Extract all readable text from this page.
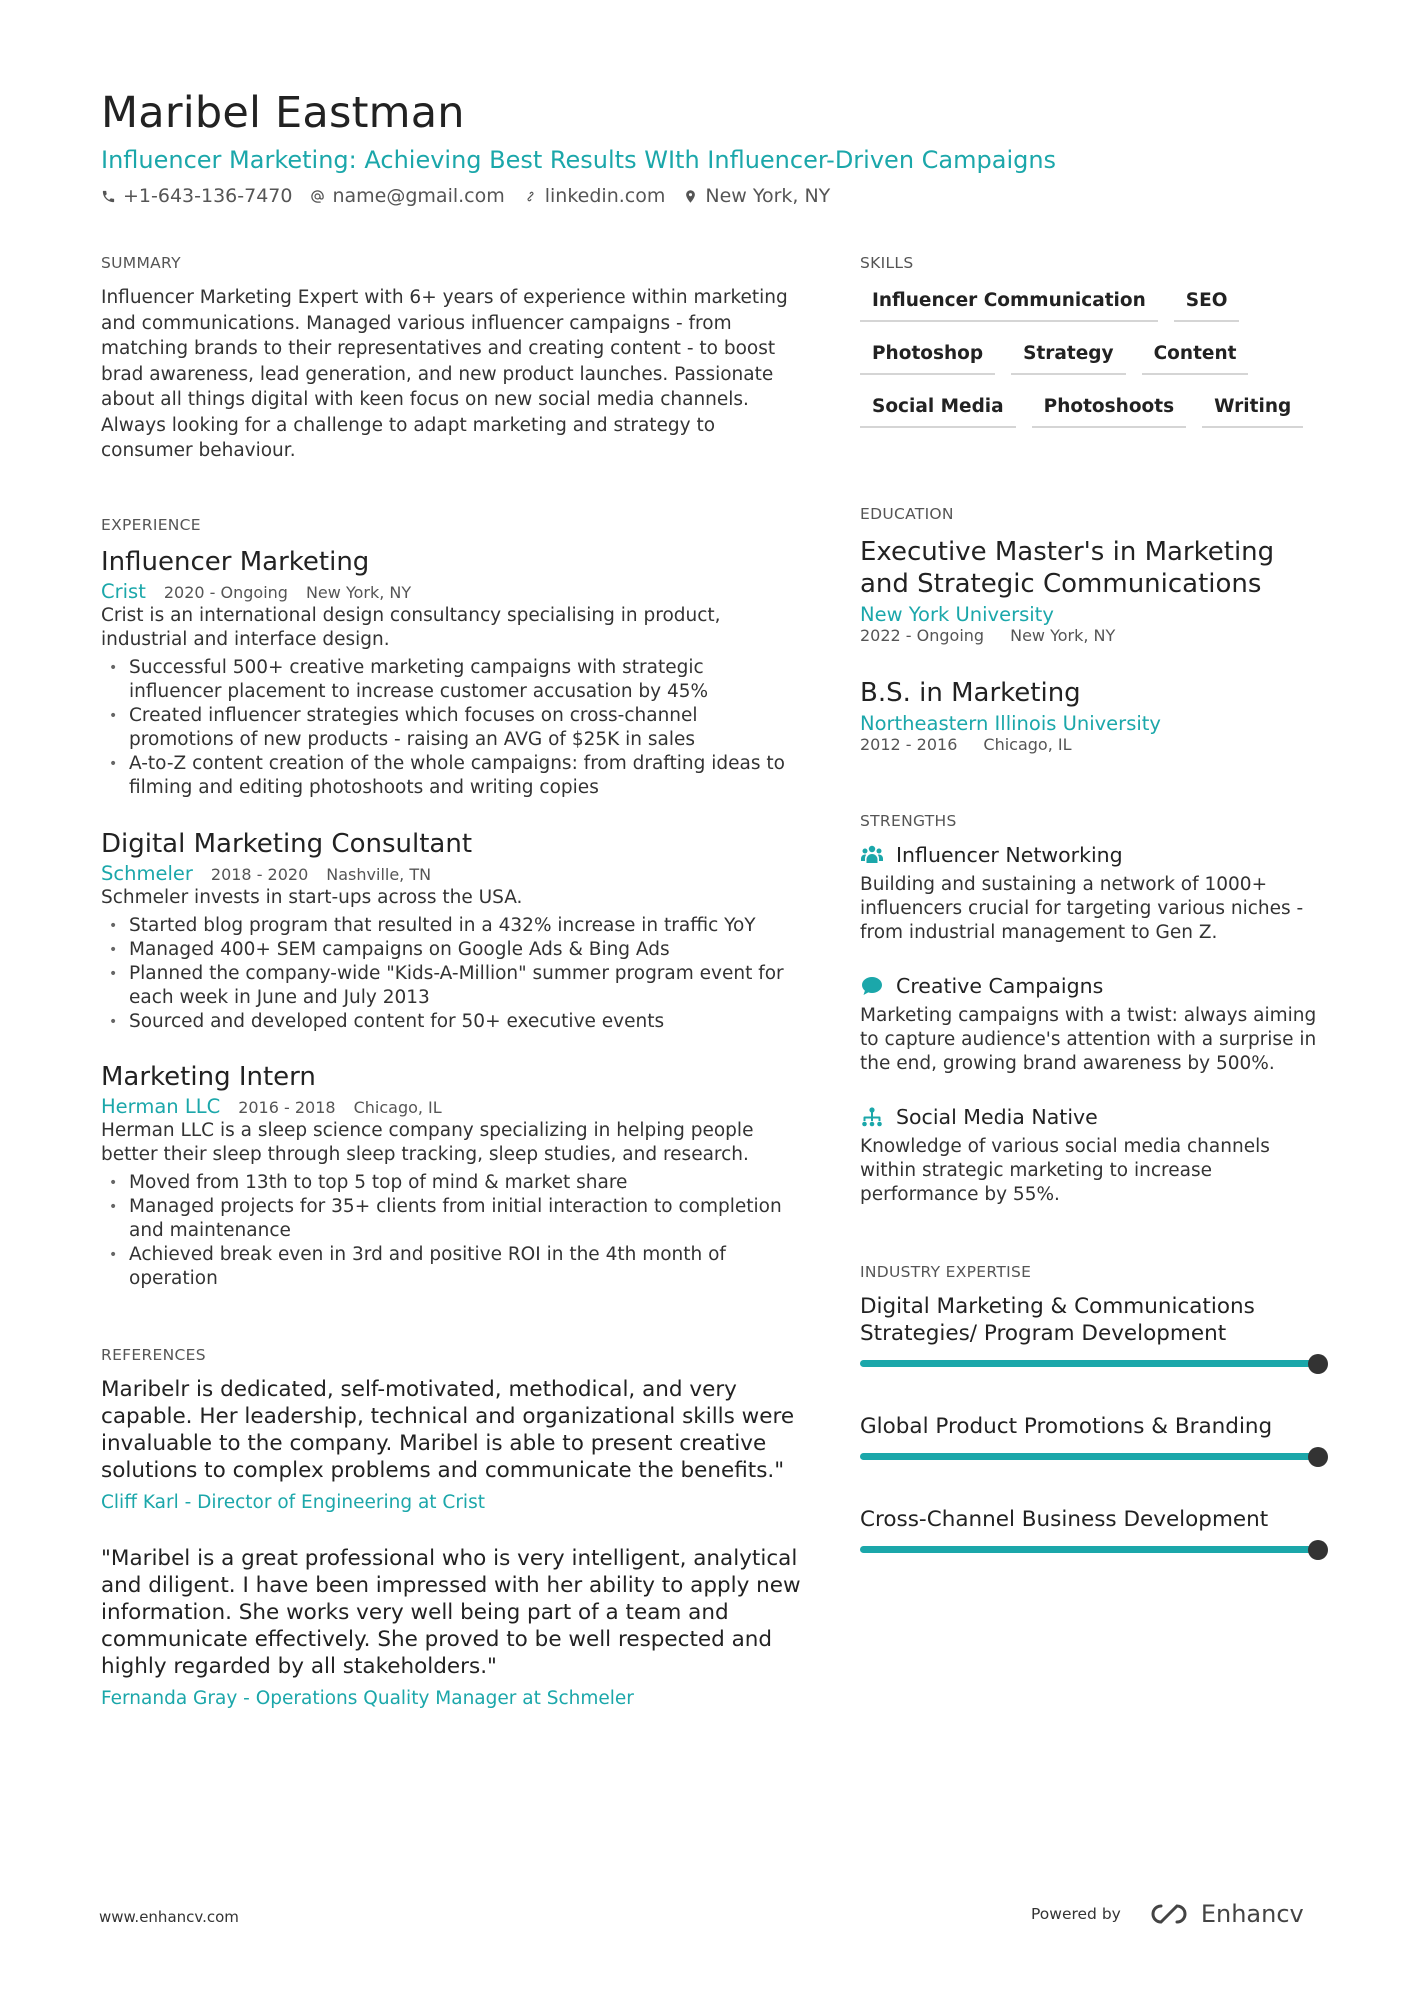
Maribel Eastman
Influencer Marketing: Achieving Best Results WIth Influencer-Driven Campaigns
+1-643-136-7470 name@gmail.com linkedin.com New York, NY
SUMMARY
Influencer Marketing Expert with 6+ years of experience within marketing and communications. Managed various influencer campaigns - from matching brands to their representatives and creating content - to boost brad awareness, lead generation, and new product launches. Passionate about all things digital with keen focus on new social media channels. Always looking for a challenge to adapt marketing and strategy to consumer behaviour.
EXPERIENCE
Influencer Marketing
Crist 2020 - Ongoing New York, NY
Crist is an international design consultancy specialising in product, industrial and interface design.
• Successful 500+ creative marketing campaigns with strategic influencer placement to increase customer accusation by 45%
• Created influencer strategies which focuses on cross-channel promotions of new products - raising an AVG of $25K in sales
• A-to-Z content creation of the whole campaigns: from drafting ideas to filming and editing photoshoots and writing copies
Digital Marketing Consultant
Schmeler 2018 - 2020 Nashville, TN
Schmeler invests in start-ups across the USA.
• Started blog program that resulted in a 432% increase in traffic YoY
• Managed 400+ SEM campaigns on Google Ads & Bing Ads
• Planned the company-wide "Kids-A-Million" summer program event for each week in June and July 2013
• Sourced and developed content for 50+ executive events
Marketing Intern
Herman LLC 2016 - 2018 Chicago, IL
Herman LLC is a sleep science company specializing in helping people better their sleep through sleep tracking, sleep studies, and research.
• Moved from 13th to top 5 top of mind & market share
• Managed projects for 35+ clients from initial interaction to completion and maintenance
• Achieved break even in 3rd and positive ROI in the 4th month of operation
REFERENCES
Maribelr is dedicated, self-motivated, methodical, and very capable. Her leadership, technical and organizational skills were invaluable to the company. Maribel is able to present creative solutions to complex problems and communicate the benefits."
Cliff Karl - Director of Engineering at Crist
"Maribel is a great professional who is very intelligent, analytical and diligent. I have been impressed with her ability to apply new information. She works very well being part of a team and communicate effectively. She proved to be well respected and highly regarded by all stakeholders."
Fernanda Gray - Operations Quality Manager at Schmeler
SKILLS
Influencer Communication	SEO
Photoshop	Strategy	Content
Social Media	Photoshoots	Writing
EDUCATION
Executive Master's in Marketing and Strategic Communications
New York University
2022 - Ongoing New York, NY
B.S. in Marketing
Northeastern Illinois University
2012 - 2016 Chicago, IL
STRENGTHS
Influencer Networking
Building and sustaining a network of 1000+ influencers crucial for targeting various niches - from industrial management to Gen Z.
Creative Campaigns
Marketing campaigns with a twist: always aiming to capture audience's attention with a surprise in the end, growing brand awareness by 500%.
Social Media Native
Knowledge of various social media channels within strategic marketing to increase performance by 55%.
INDUSTRY EXPERTISE
Digital Marketing & Communications Strategies/ Program Development
Global Product Promotions & Branding
Cross-Channel Business Development
www.enhancv.com	Powered by	Enhancv
